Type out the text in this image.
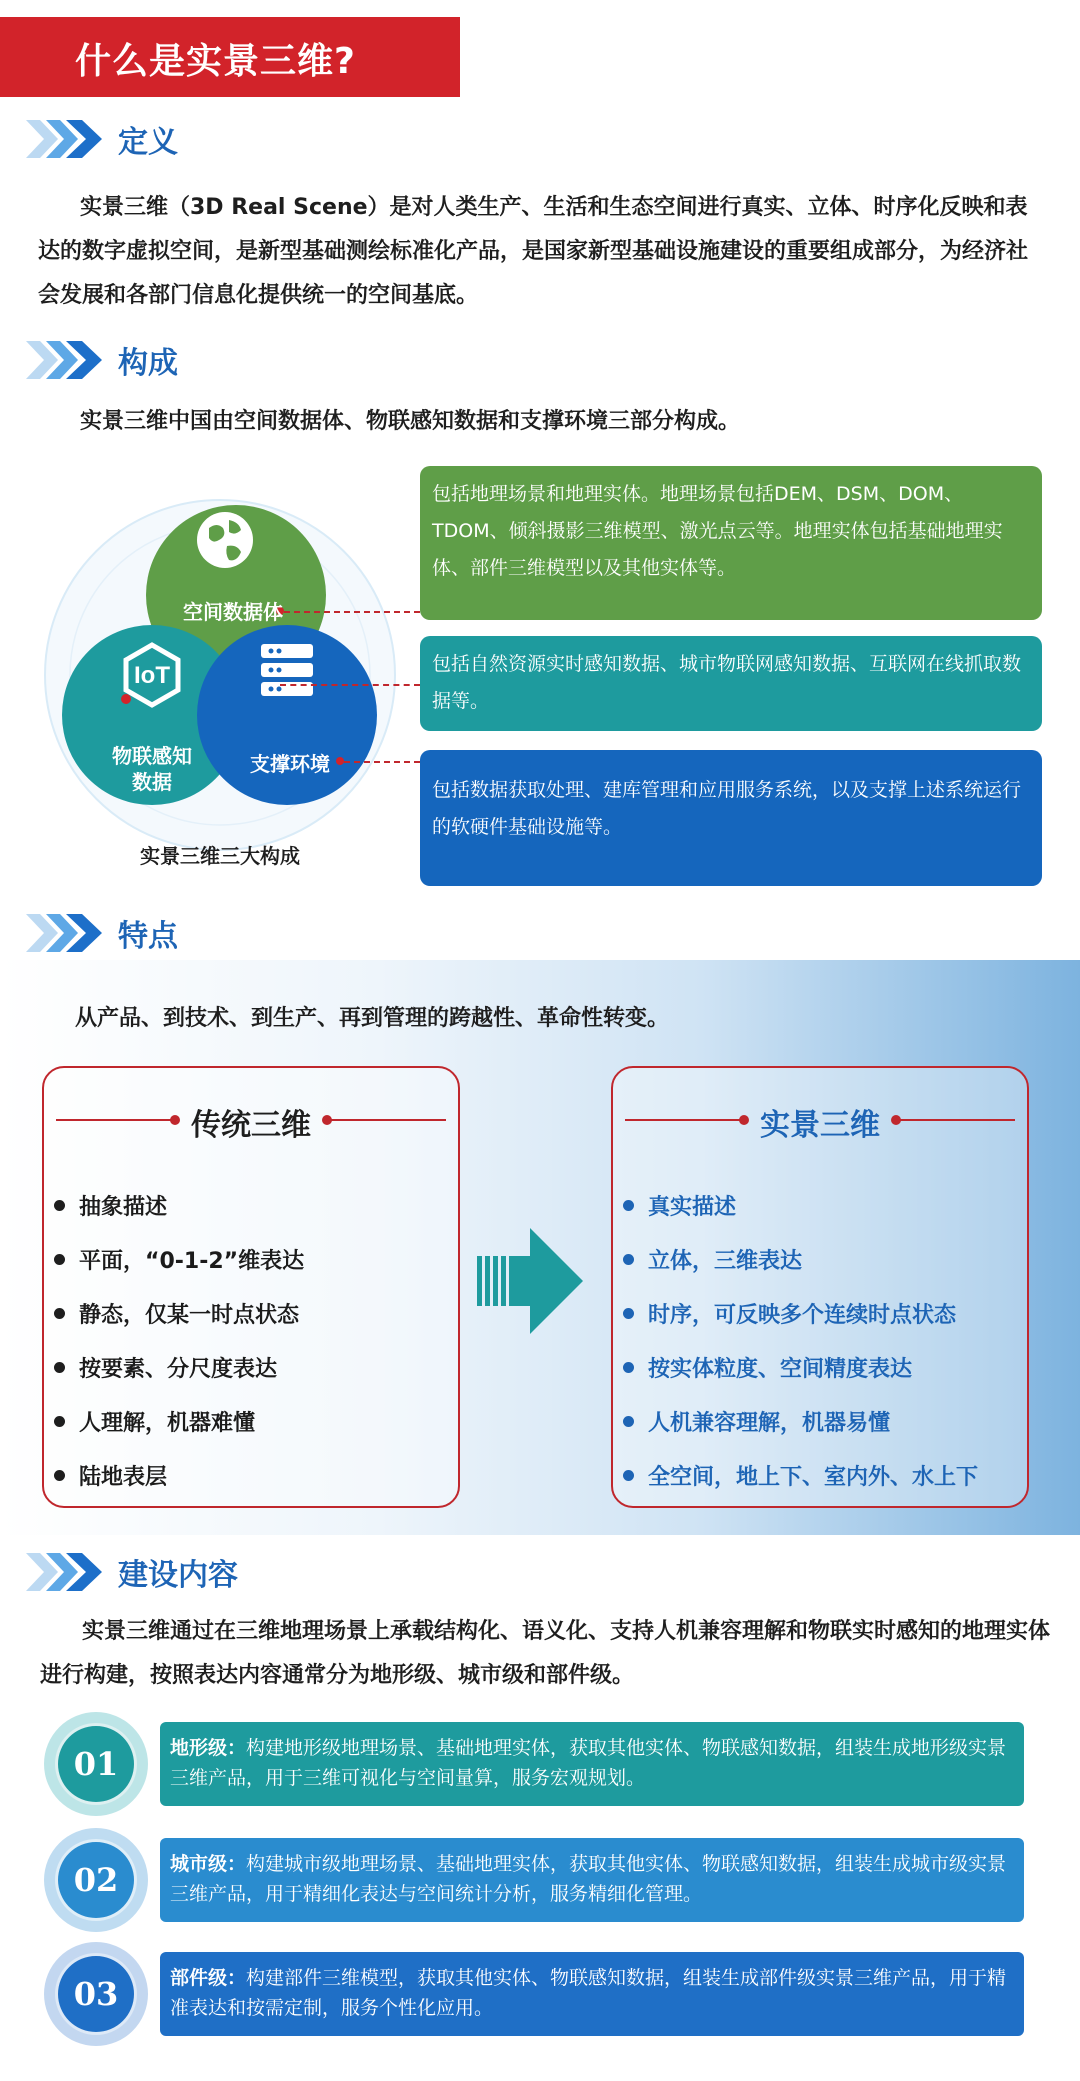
什么是实景三维?
定义

实景三维（3D Real Scene）是对人类生产、生活和生态空间进行真实、立体、时序化反映和表达的数字虚拟空间，是新型基础测绘标准化产品，是国家新型基础设施建设的重要组成部分，为经济社会发展和各部门信息化提供统一的空间基底。

构成

实景三维中国由空间数据体、物联感知数据和支撑环境三部分构成。

IoT
空间数据体
物联感知
数据
支撑环境
实景三维三大构成
包括地理场景和地理实体。地理场景包括DEM、DSM、DOM、TDOM、倾斜摄影三维模型、激光点云等。地理实体包括基础地理实体、部件三维模型以及其他实体等。
包括自然资源实时感知数据、城市物联网感知数据、互联网在线抓取数据等。
包括数据获取处理、建库管理和应用服务系统，以及支撑上述系统运行的软硬件基础设施等。
特点

从产品、到技术、到生产、再到管理的跨越性、革命性转变。

传统三维
抽象描述
平面，“0-1-2”维表达
静态，仅某一时点状态
按要素、分尺度表达
人理解，机器难懂
陆地表层
实景三维
真实描述
立体，三维表达
时序，可反映多个连续时点状态
按实体粒度、空间精度表达
人机兼容理解，机器易懂
全空间，地上下、室内外、水上下
建设内容

实景三维通过在三维地理场景上承载结构化、语义化、支持人机兼容理解和物联实时感知的地理实体进行构建，按照表达内容通常分为地形级、城市级和部件级。

01	地形级：构建地形级地理场景、基础地理实体，获取其他实体、物联感知数据，组装生成地形级实景三维产品，用于三维可视化与空间量算，服务宏观规划。
02	城市级：构建城市级地理场景、基础地理实体，获取其他实体、物联感知数据，组装生成城市级实景三维产品，用于精细化表达与空间统计分析，服务精细化管理。
03	部件级：构建部件三维模型，获取其他实体、物联感知数据，组装生成部件级实景三维产品，用于精准表达和按需定制，服务个性化应用。
